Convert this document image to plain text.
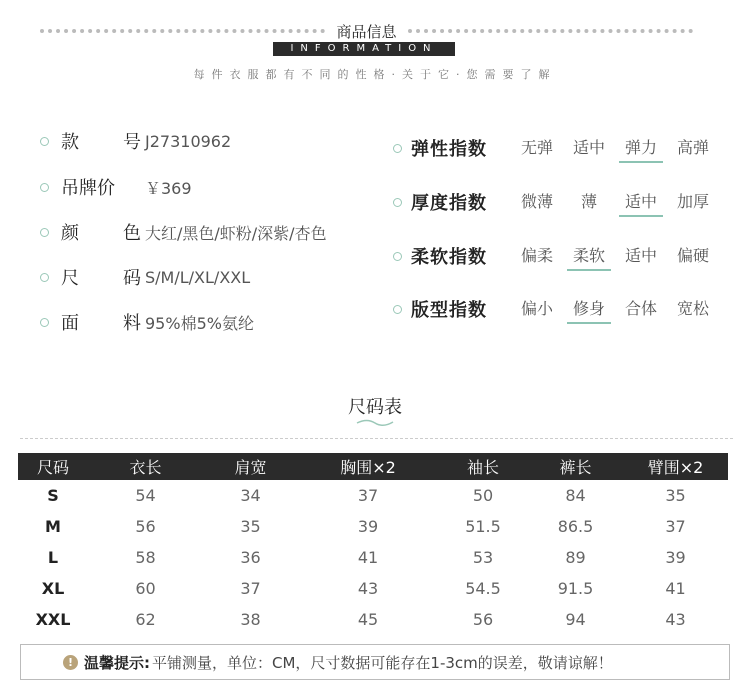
商品信息
INFORMATION
每件衣服都有不同的性格·关于它·您需要了解
款 号 J27310962
吊牌价	￥369
颜 色 大红/黑色/虾粉/深紫/杏色
尺 码 S/M/L/XL/XXL
面 料 95%棉5%氨纶
弹性指数	无弹	适中	弹力	高弹
厚度指数	微薄	薄	适中	加厚
柔软指数	偏柔	柔软	适中	偏硬
版型指数	偏小	修身	合体	宽松
尺码表
尺码	衣长	肩宽	胸围×2	袖长	裤长	臂围×2
S	54	34	37	50	84	35
M	56	35	39	51.5	86.5	37
L	58	36	41	53	89	39
XL	60	37	43	54.5	91.5	41
XXL	62	38	45	56	94	43
! 温馨提示: 平铺测量，单位：CM，尺寸数据可能存在1-3cm的误差，敬请谅解！
